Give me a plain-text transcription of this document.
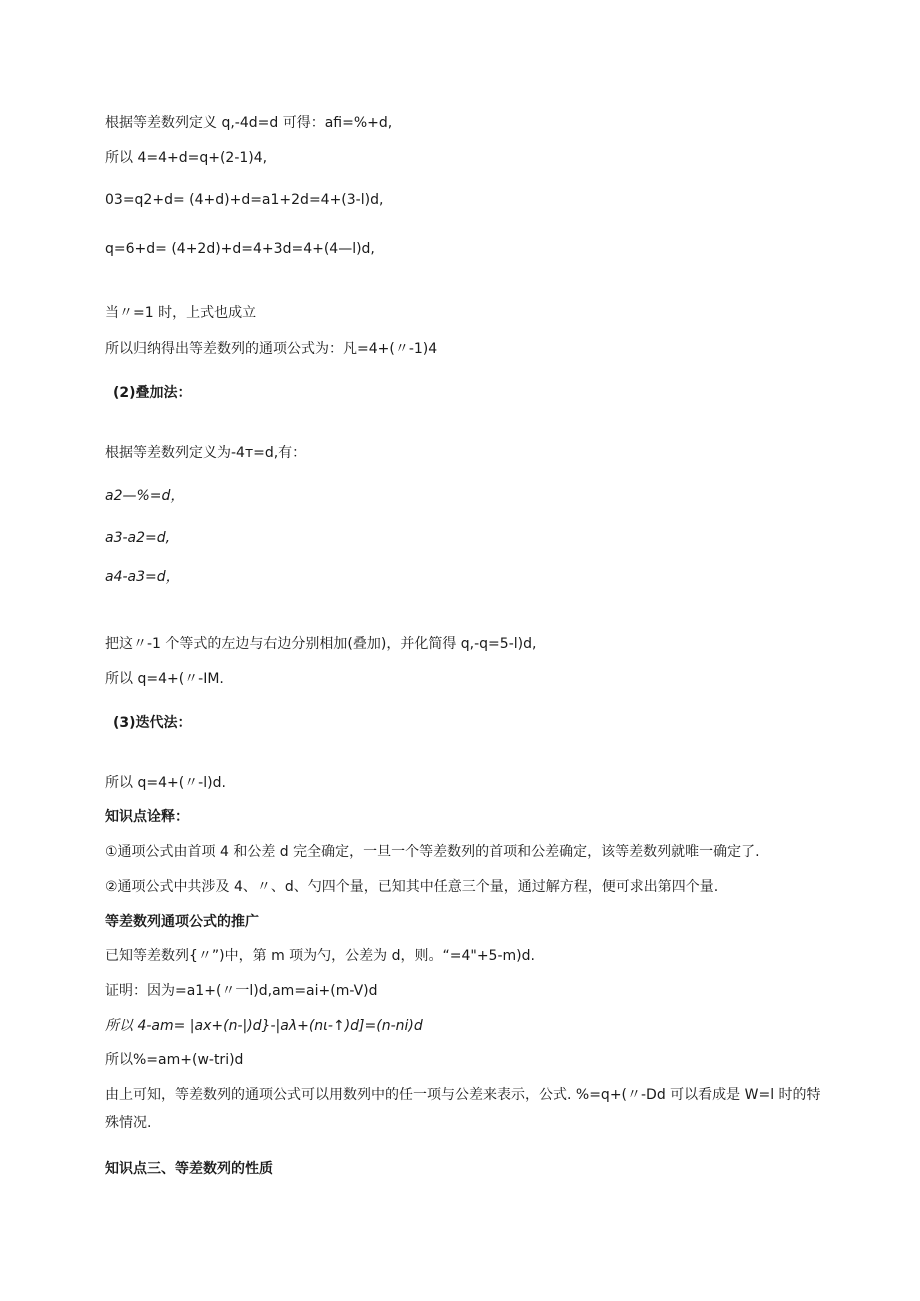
根据等差数列定义 q,-4d=d 可得：afi=%+d,
所以 4=4+d=q+(2-1)4,
03=q2+d= (4+d)+d=a1+2d=4+(3-l)d,
q=6+d= (4+2d)+d=4+3d=4+(4—l)d,
当〃=1 时，上式也成立
所以归纳得出等差数列的通项公式为：凡=4+(〃-1)4
(2)叠加法：
根据等差数列定义为-4т=d,有：
a2—%=d，
a3-a2=d,
a4-a3=d，
把这〃-1 个等式的左边与右边分别相加(叠加)，并化简得 q,-q=5-l)d,
所以 q=4+(〃-IM.
(3)迭代法：
所以 q=4+(〃-l)d.
知识点诠释：
①通项公式由首项 4 和公差 d 完全确定，一旦一个等差数列的首项和公差确定，该等差数列就唯一确定了.
②通项公式中共涉及 4、〃、d、勺四个量，已知其中任意三个量，通过解方程，便可求出第四个量.
等差数列通项公式的推广
已知等差数列{〃”)中，第 m 项为勺，公差为 d，则。“=4"+5-m)d.
证明：因为=a1+(〃一l)d,am=ai+(m-V)d
所以 4-am= |ax+(n-|)d}-|aλ+(nι-↑)d]=(n-ni)d
所以%=am+(w-tri)d
由上可知，等差数列的通项公式可以用数列中的任一项与公差来表示，公式. %=q+(〃-Dd 可以看成是 W=l 时的特殊情况.
知识点三、等差数列的性质
